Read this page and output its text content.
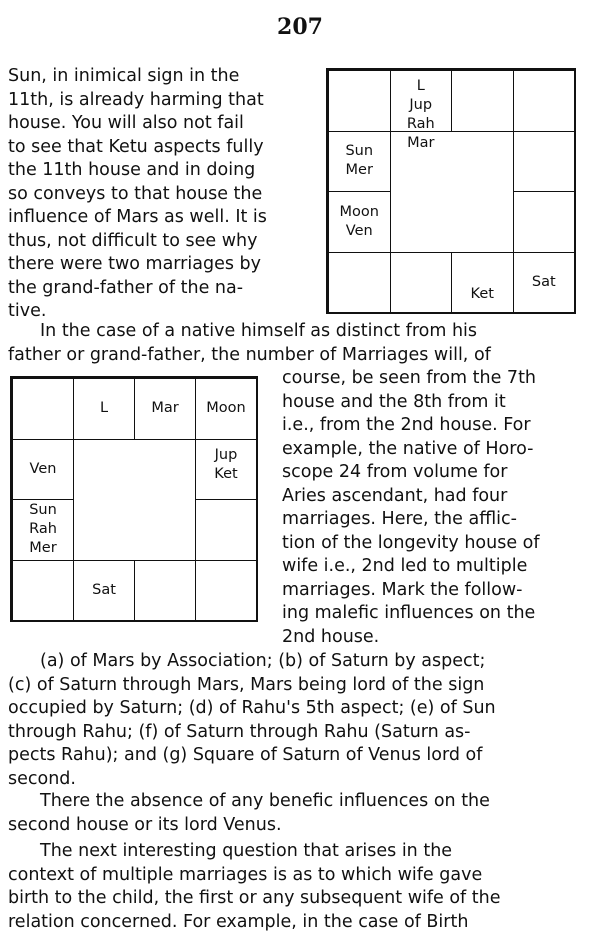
207
Sun, in inimical sign in the
11th, is already harming that
house. You will also not fail
to see that Ketu aspects fully
the 11th house and in doing
so conveys to that house the
influence of Mars as well. It is
thus, not difficult to see why
there were two marriages by
the grand-father of the na-
tive.
L
Jup
Rah
Mar
Sun
Mer
Moon
Ven
Ket
Sat
In the case of a native himself as distinct from his
father or grand-father, the number of Marriages will, of
L	Mar Moon
Ven
Jup
Ket
Sun
Rah
Mer
Sat
course, be seen from the 7th
house and the 8th from it
i.e., from the 2nd house. For
example, the native of Horo-
scope 24 from volume for
Aries ascendant, had four
marriages. Here, the afflic-
tion of the longevity house of
wife i.e., 2nd led to multiple
marriages. Mark the follow-
ing malefic influences on the
2nd house.
(a) of Mars by Association; (b) of Saturn by aspect;
(c) of Saturn through Mars, Mars being lord of the sign
occupied by Saturn; (d) of Rahu's 5th aspect; (e) of Sun
through Rahu; (f) of Saturn through Rahu (Saturn as-
pects Rahu); and (g) Square of Saturn of Venus lord of
second.
There the absence of any benefic influences on the
second house or its lord Venus.
The next interesting question that arises in the
context of multiple marriages is as to which wife gave
birth to the child, the first or any subsequent wife of the
relation concerned. For example, in the case of Birth
